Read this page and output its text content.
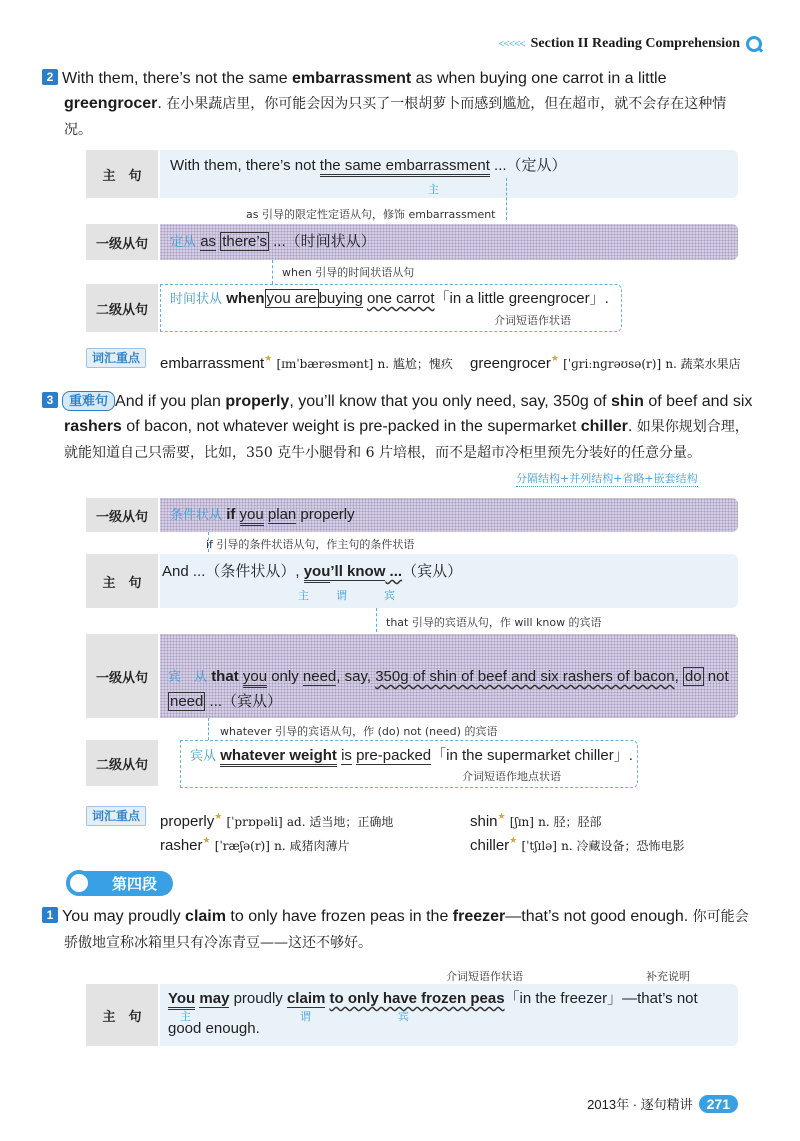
<<<<< Section II Reading Comprehension
2 With them, there’s not the same embarrassment as when buying one carrot in a little greengrocer. 在小果蔬店里，你可能会因为只买了一根胡萝卜而感到尴尬，但在超市，就不会存在这种情况。
主　句
With them, there’s not the same embarrassment ...（定从）
主
as 引导的限定性定语从句，修饰 embarrassment
一级从句	定从 as there’s ...（时间状从）
when 引导的时间状语从句
二级从句
时间状从 when you are buying one carrot「in a little greengrocer」.
介词短语作状语
词汇重点	embarrassment★ [ɪmˈbærəsmənt] n. 尴尬；愧疚 greengrocer★ [ˈɡriːnɡrəʊsə(r)] n. 蔬菜水果店
3 重难句 And if you plan properly, you’ll know that you only need, say, 350g of shin of beef and six rashers of bacon, not whatever weight is pre-packed in the supermarket chiller. 如果你规划合理，就能知道自己只需要，比如，350 克牛小腿骨和 6 片培根，而不是超市冷柜里预先分装好的任意分量。
分隔结构+并列结构+省略+嵌套结构
一级从句	条件状从 if you plan properly
if 引导的条件状语从句，作主句的条件状语
主　句
And ...（条件状从）, you’ll know ...（宾从）
主 谓	宾
that 引导的宾语从句，作 will know 的宾语
一级从句	宾　从 that you only need, say, 350g of shin of beef and six rashers of bacon, do not need ...（宾从）
whatever 引导的宾语从句，作 (do) not (need) 的宾语
二级从句	宾从 whatever weight is pre-packed「in the supermarket chiller」.
介词短语作地点状语
词汇重点	properly★ [ˈprɒpəli] ad. 适当地；正确地	shin★ [ʃɪn] n. 胫；胫部
rasher★ [ˈræʃə(r)] n. 咸猪肉薄片	chiller★ [ˈtʃɪlə] n. 冷藏设备；恐怖电影
第四段
1 You may proudly claim to only have frozen peas in the freezer—that’s not good enough. 你可能会骄傲地宣称冰箱里只有冷冻青豆——这还不够好。
介词短语作状语	补充说明
主　句
You may proudly claim to only have frozen peas「in the freezer」—that’s not good enough.
主	谓	宾
2013年 · 逐句精讲	271
